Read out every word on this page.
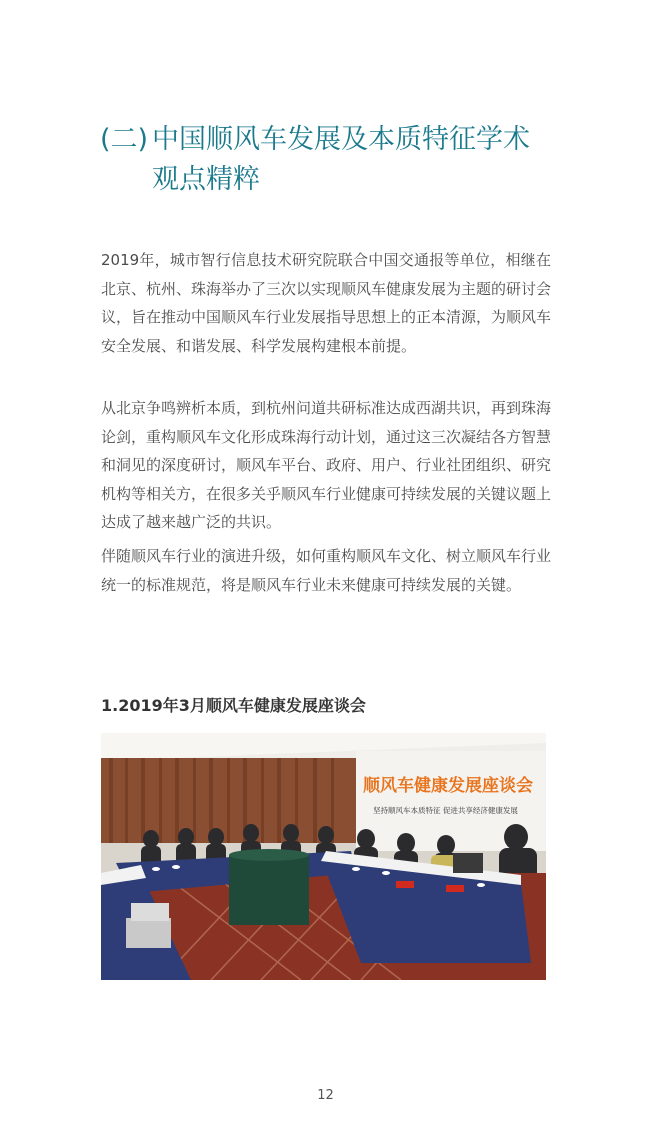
(二) 中国顺风车发展及本质特征学术
观点精粹

2019年，城市智行信息技术研究院联合中国交通报等单位，相继在北京、杭州、珠海举办了三次以实现顺风车健康发展为主题的研讨会议，旨在推动中国顺风车行业发展指导思想上的正本清源，为顺风车安全发展、和谐发展、科学发展构建根本前提。

从北京争鸣辨析本质，到杭州问道共研标准达成西湖共识，再到珠海论剑，重构顺风车文化形成珠海行动计划，通过这三次凝结各方智慧和洞见的深度研讨，顺风车平台、政府、用户、行业社团组织、研究机构等相关方，在很多关乎顺风车行业健康可持续发展的关键议题上达成了越来越广泛的共识。

伴随顺风车行业的演进升级，如何重构顺风车文化、树立顺风车行业统一的标准规范，将是顺风车行业未来健康可持续发展的关键。

1.2019年3月顺风车健康发展座谈会
顺风车健康发展座谈会
坚持顺风车本质特征 促进共享经济健康发展
12
